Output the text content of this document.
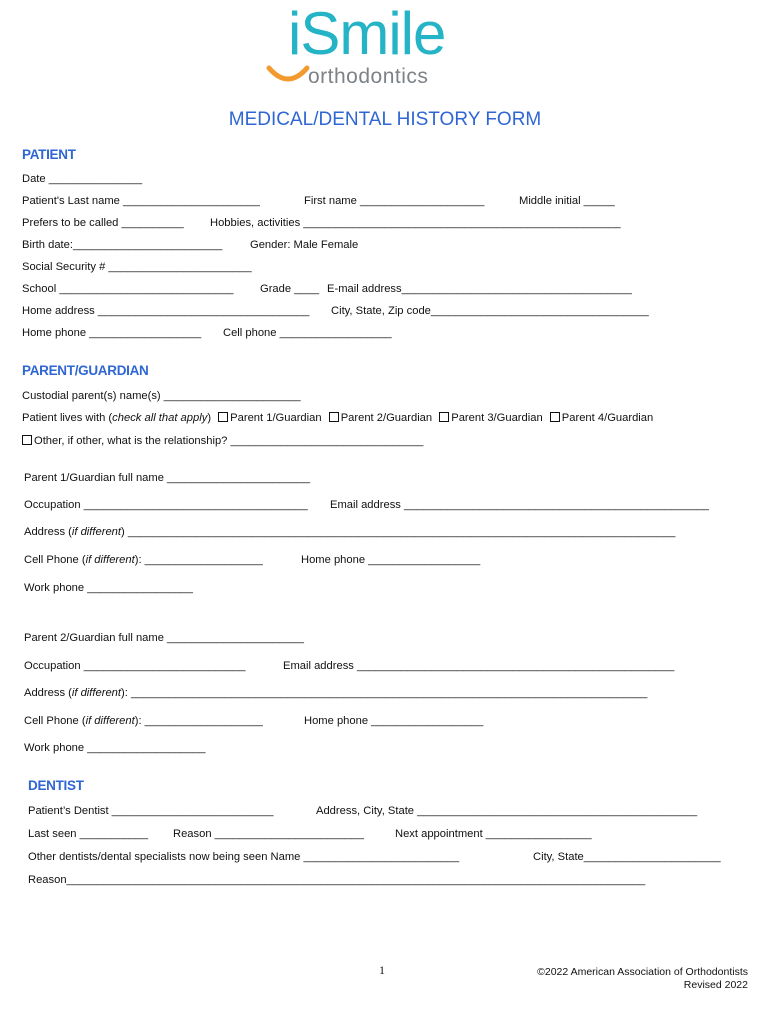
iSmile
orthodontics
MEDICAL/DENTAL HISTORY FORM
PATIENT
Date _______________
Patient's Last name ______________________	First name ____________________	Middle initial _____
Prefers to be called __________ Hobbies, activities ___________________________________________________
Birth date:________________________ Gender: Male Female
Social Security # _______________________
School ____________________________ Grade ____ E-mail address_____________________________________
Home address __________________________________ City, State, Zip code___________________________________
Home phone __________________ Cell phone __________________
PARENT/GUARDIAN
Custodial parent(s) name(s) ______________________
Patient lives with (check all that apply) Parent 1/Guardian Parent 2/Guardian Parent 3/Guardian Parent 4/Guardian
Other, if other, what is the relationship? _______________________________
Parent 1/Guardian full name _______________________
Occupation ____________________________________ Email address _________________________________________________
Address (if different) ________________________________________________________________________________________
Cell Phone (if different): ___________________	Home phone __________________
Work phone _________________
Parent 2/Guardian full name ______________________
Occupation __________________________	Email address ___________________________________________________
Address (if different): ___________________________________________________________________________________
Cell Phone (if different): ___________________	Home phone __________________
Work phone ___________________
DENTIST
Patient’s Dentist __________________________	Address, City, State _____________________________________________
Last seen ___________ Reason ________________________	Next appointment _________________
Other dentists/dental specialists now being seen Name _________________________	City, State______________________
Reason_____________________________________________________________________________________________
1	©2022 American Association of Orthodontists
Revised 2022
